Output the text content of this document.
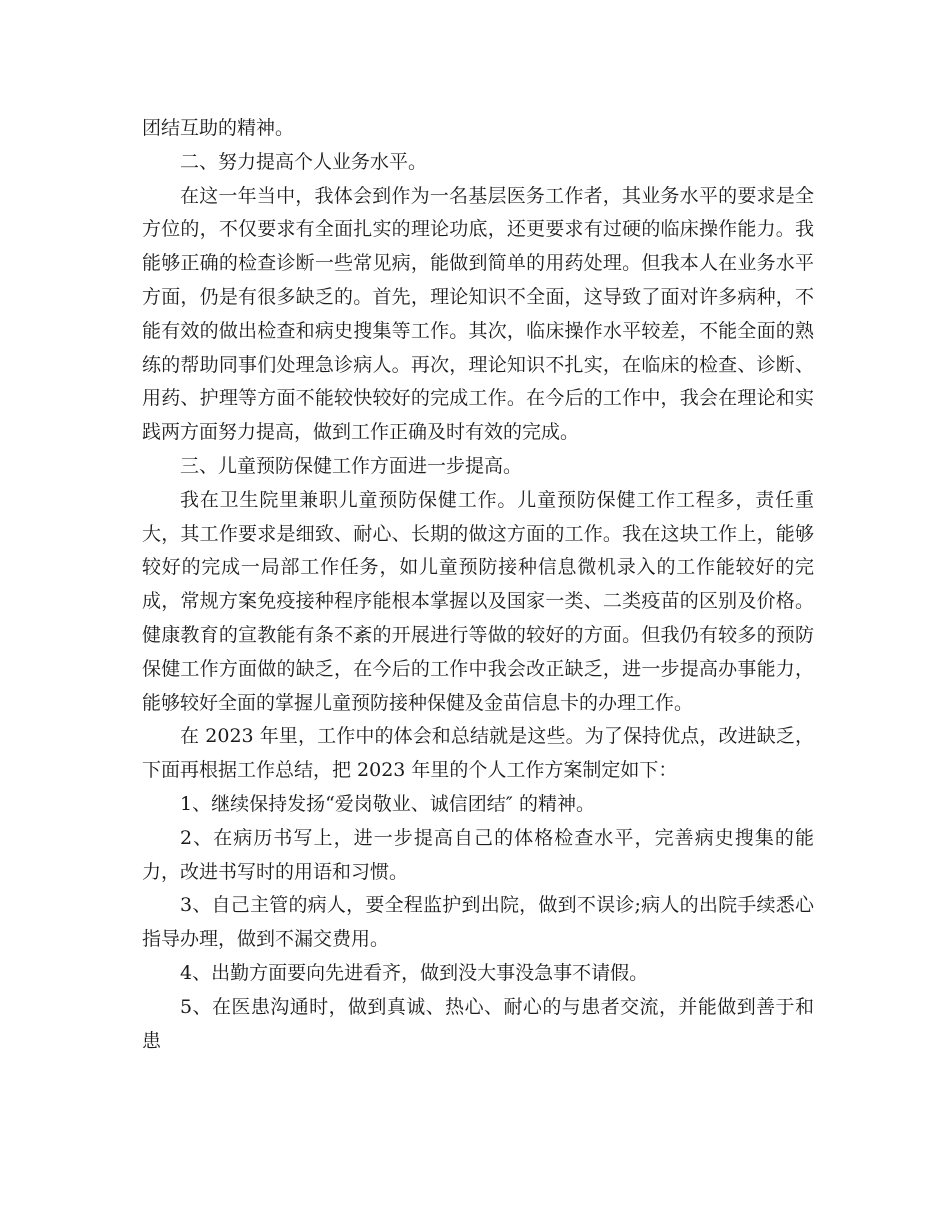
团结互助的精神。

二、努力提高个人业务水平。

在这一年当中，我体会到作为一名基层医务工作者，其业务水平的要求是全方位的，不仅要求有全面扎实的理论功底，还更要求有过硬的临床操作能力。我能够正确的检查诊断一些常见病，能做到简单的用药处理。但我本人在业务水平方面，仍是有很多缺乏的。首先，理论知识不全面，这导致了面对许多病种，不能有效的做出检查和病史搜集等工作。其次，临床操作水平较差，不能全面的熟练的帮助同事们处理急诊病人。再次，理论知识不扎实，在临床的检查、诊断、用药、护理等方面不能较快较好的完成工作。在今后的工作中，我会在理论和实践两方面努力提高，做到工作正确及时有效的完成。

三、儿童预防保健工作方面进一步提高。

我在卫生院里兼职儿童预防保健工作。儿童预防保健工作工程多，责任重大，其工作要求是细致、耐心、长期的做这方面的工作。我在这块工作上，能够较好的完成一局部工作任务，如儿童预防接种信息微机录入的工作能较好的完成，常规方案免疫接种程序能根本掌握以及国家一类、二类疫苗的区别及价格。健康教育的宣教能有条不紊的开展进行等做的较好的方面。但我仍有较多的预防保健工作方面做的缺乏，在今后的工作中我会改正缺乏，进一步提高办事能力，能够较好全面的掌握儿童预防接种保健及金苗信息卡的办理工作。

在 2023 年里，工作中的体会和总结就是这些。为了保持优点，改进缺乏，下面再根据工作总结，把 2023 年里的个人工作方案制定如下：

1、继续保持发扬“爱岗敬业、诚信团结″ 的精神。

2、在病历书写上，进一步提高自己的体格检查水平，完善病史搜集的能力，改进书写时的用语和习惯。

3、自己主管的病人，要全程监护到出院，做到不误诊;病人的出院手续悉心指导办理，做到不漏交费用。

4、出勤方面要向先进看齐，做到没大事没急事不请假。

5、在医患沟通时，做到真诚、热心、耐心的与患者交流，并能做到善于和患
